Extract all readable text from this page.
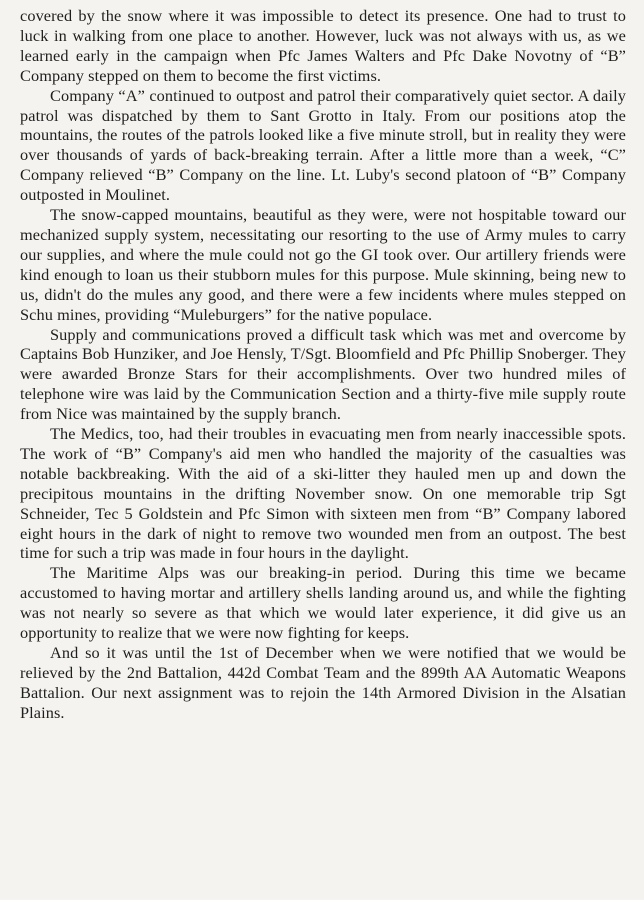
covered by the snow where it was impossible to detect its presence. One had to trust to luck in walking from one place to another. However, luck was not always with us, as we learned early in the campaign when Pfc James Walters and Pfc Dake Novotny of “B” Company stepped on them to become the first victims.

Company “A” continued to outpost and patrol their comparatively quiet sector. A daily patrol was dispatched by them to Sant Grotto in Italy. From our positions atop the mountains, the routes of the patrols looked like a five minute stroll, but in reality they were over thousands of yards of back-breaking terrain. After a little more than a week, “C” Company relieved “B” Company on the line. Lt. Luby's second platoon of “B” Company outposted in Moulinet.

The snow-capped mountains, beautiful as they were, were not hospitable toward our mechanized supply system, necessitating our resorting to the use of Army mules to carry our supplies, and where the mule could not go the GI took over. Our artillery friends were kind enough to loan us their stubborn mules for this purpose. Mule skinning, being new to us, didn't do the mules any good, and there were a few incidents where mules stepped on Schu mines, providing “Muleburgers” for the native populace.

Supply and communications proved a difficult task which was met and overcome by Captains Bob Hunziker, and Joe Hensly, T/Sgt. Bloomfield and Pfc Phillip Snoberger. They were awarded Bronze Stars for their accomplishments. Over two hundred miles of telephone wire was laid by the Communication Section and a thirty-five mile supply route from Nice was maintained by the supply branch.

The Medics, too, had their troubles in evacuating men from nearly inaccessible spots. The work of “B” Company's aid men who handled the majority of the casualties was notable backbreaking. With the aid of a ski-litter they hauled men up and down the precipitous mountains in the drifting November snow. On one memorable trip Sgt Schneider, Tec 5 Goldstein and Pfc Simon with sixteen men from “B” Company labored eight hours in the dark of night to remove two wounded men from an outpost. The best time for such a trip was made in four hours in the daylight.

The Maritime Alps was our breaking-in period. During this time we became accustomed to having mortar and artillery shells landing around us, and while the fighting was not nearly so severe as that which we would later experience, it did give us an opportunity to realize that we were now fighting for keeps.

And so it was until the 1st of December when we were notified that we would be relieved by the 2nd Battalion, 442d Combat Team and the 899th AA Automatic Weapons Battalion. Our next assignment was to rejoin the 14th Armored Division in the Alsatian Plains.
